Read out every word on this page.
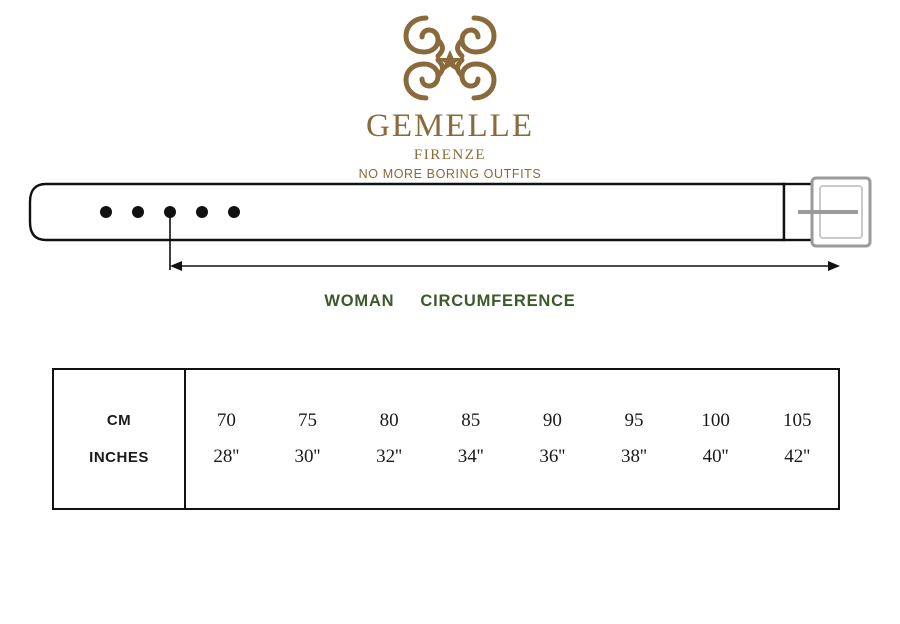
GEMELLE
FIRENZE
NO MORE BORING OUTFITS
WOMAN CIRCUMFERENCE

CM	70	75	80	85	90	95	100	105
INCHES	28''	30''	32''	34''	36''	38''	40''	42''
